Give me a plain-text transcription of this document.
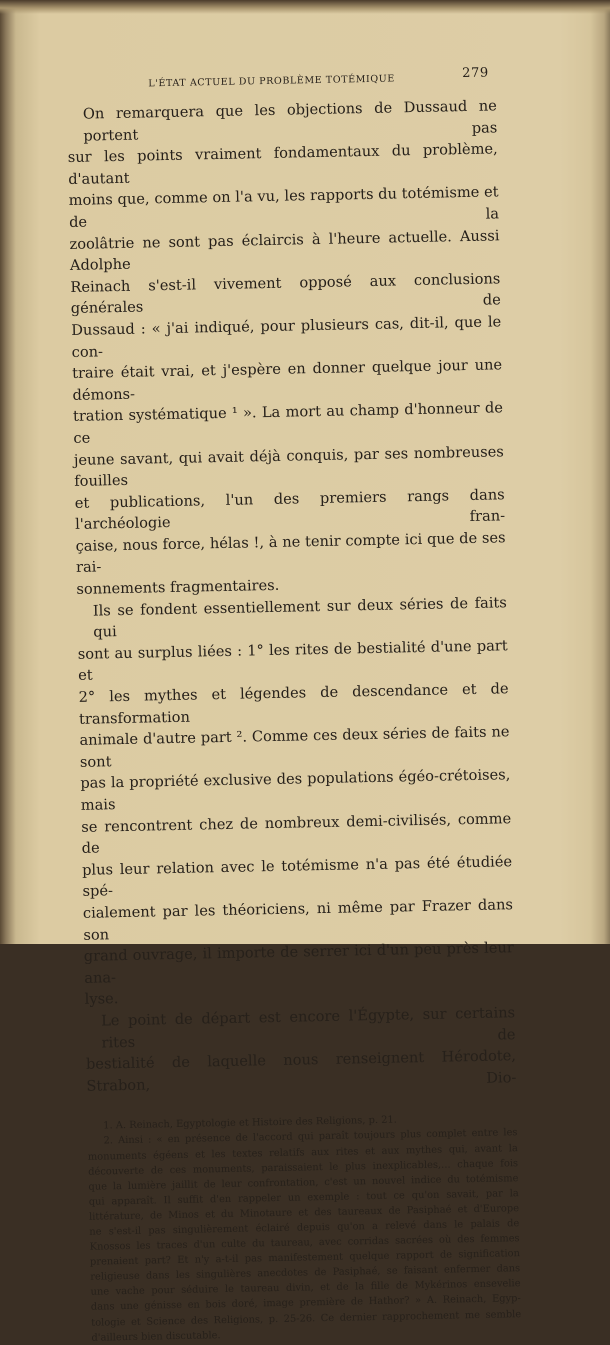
L'ÉTAT ACTUEL DU PROBLÈME TOTÉMIQUE
279
On remarquera que les objections de Dussaud ne portent pas
sur les points vraiment fondamentaux du problème, d'autant
moins que, comme on l'a vu, les rapports du totémisme et de la
zoolâtrie ne sont pas éclaircis à l'heure actuelle. Aussi Adolphe
Reinach s'est-il vivement opposé aux conclusions générales de
Dussaud : « j'ai indiqué, pour plusieurs cas, dit-il, que le con-
traire était vrai, et j'espère en donner quelque jour une démons-
tration systématique ¹ ». La mort au champ d'honneur de ce
jeune savant, qui avait déjà conquis, par ses nombreuses fouilles
et publications, l'un des premiers rangs dans l'archéologie fran-
çaise, nous force, hélas !, à ne tenir compte ici que de ses rai-
sonnements fragmentaires.
Ils se fondent essentiellement sur deux séries de faits qui
sont au surplus liées : 1° les rites de bestialité d'une part et
2° les mythes et légendes de descendance et de transformation
animale d'autre part ². Comme ces deux séries de faits ne sont
pas la propriété exclusive des populations égéo-crétoises, mais
se rencontrent chez de nombreux demi-civilisés, comme de
plus leur relation avec le totémisme n'a pas été étudiée spé-
cialement par les théoriciens, ni même par Frazer dans son
grand ouvrage, il importe de serrer ici d'un peu près leur ana-
lyse.
Le point de départ est encore l'Égypte, sur certains rites de
bestialité de laquelle nous renseignent Hérodote, Strabon, Dio-
1. A. Reinach, Egyptologie et Histoire des Religions, p. 21.
2. Ainsi : « en présence de l'accord qui paraît toujours plus complet entre les
monuments égéens et les textes relatifs aux rites et aux mythes qui, avant la
découverte de ces monuments, paraissaient le plus inexplicables,... chaque fois
que la lumière jaillit de leur confrontation, c'est un nouvel indice du totémisme
qui apparaît. Il suffit d'en rappeler un exemple : tout ce qu'on savait, par la
littérature, de Minos et du Minotaure et des taureaux de Pasiphaé et d'Europe
ne s'est-il pas singulièrement éclairé depuis qu'on a relevé dans le palais de
Knossos les traces d'un culte du taureau, avec corridas sacrées où des femmes
prenaient part? Et n'y a-t-il pas manifestement quelque rapport de signification
religieuse dans les singulières anecdotes de Pasiphaé, se faisant enfermer dans
une vache pour séduire le taureau divin, et de la fille de Mykérinos ensevelie
dans une génisse en bois doré, image première de Hathor? » A. Reinach, Egyp-
tologie et Science des Religions, p. 25-26. Ce dernier rapprochement me semble
d'ailleurs bien discutable.
